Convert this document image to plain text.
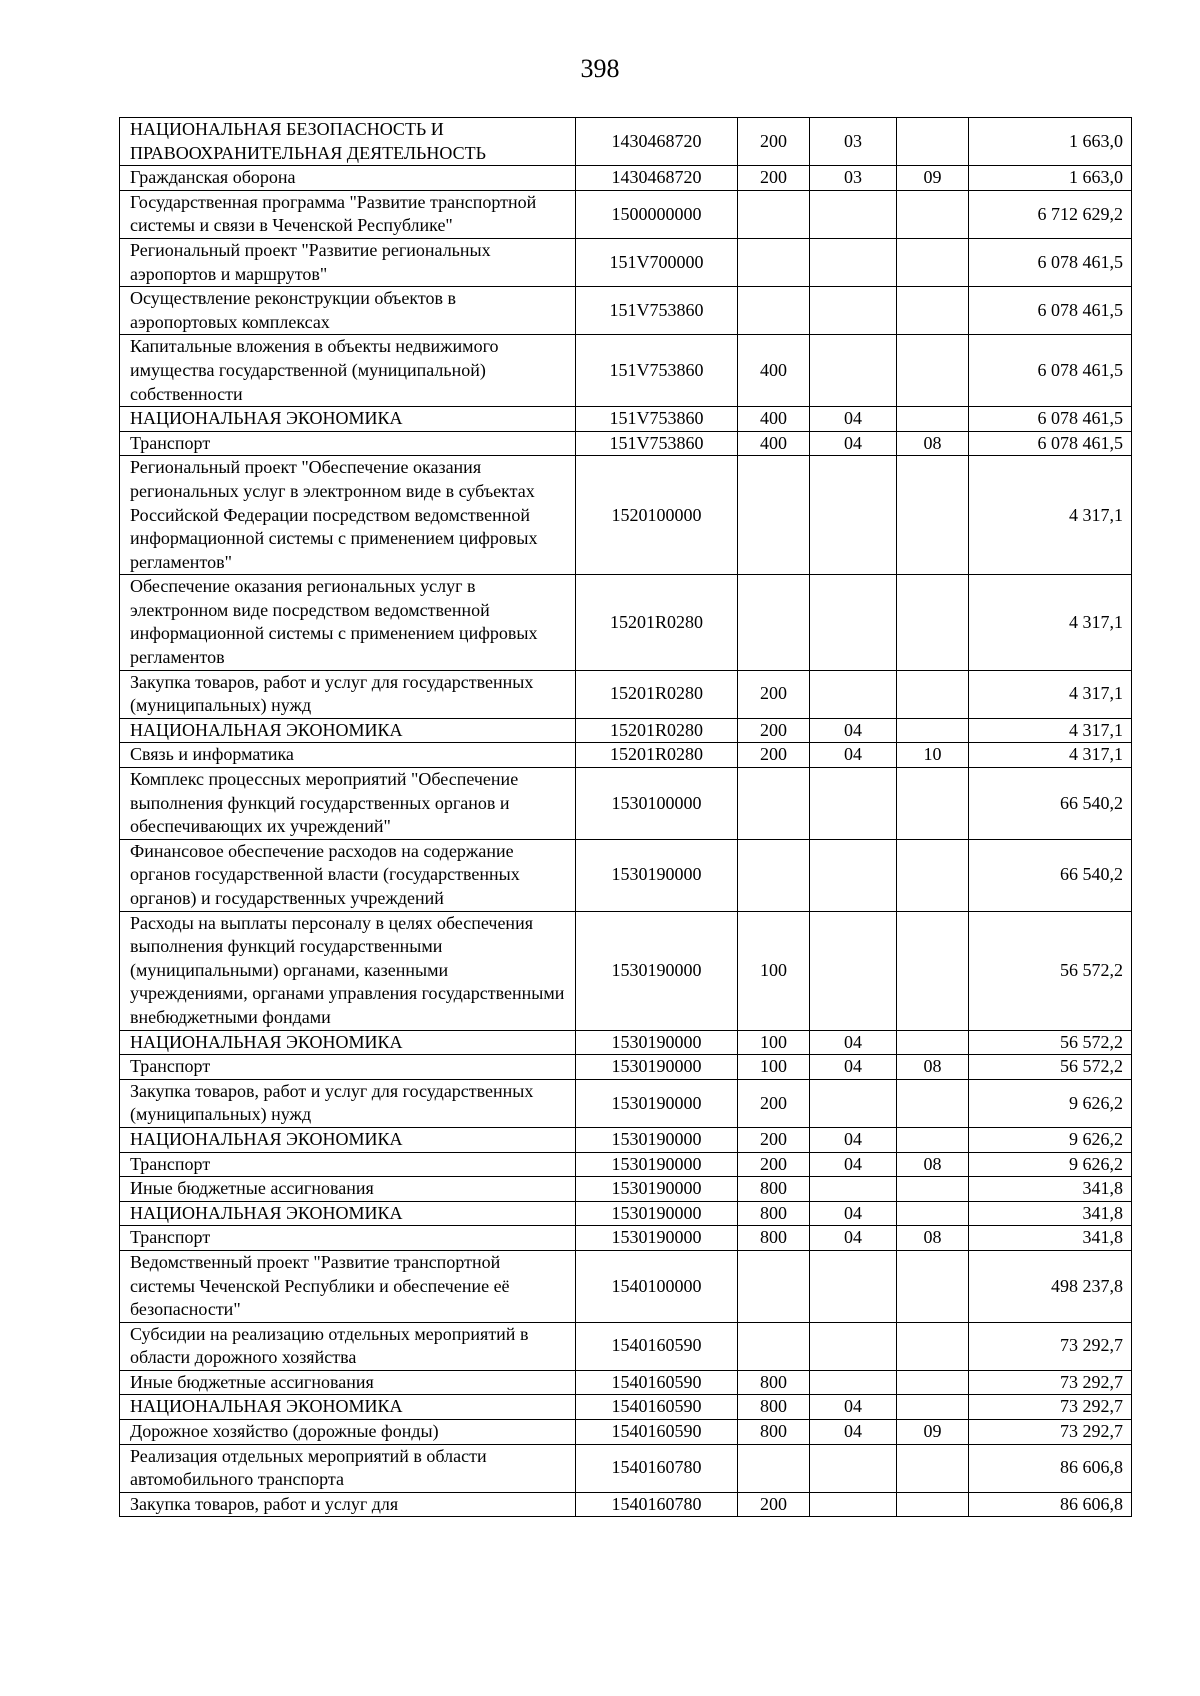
398
НАЦИОНАЛЬНАЯ БЕЗОПАСНОСТЬ И ПРАВООХРАНИТЕЛЬНАЯ ДЕЯТЕЛЬНОСТЬ	1430468720	200	03		1 663,0
Гражданская оборона	1430468720	200	03	09	1 663,0
Государственная программа "Развитие транспортной системы и связи в Чеченской Республике"	1500000000				6 712 629,2
Региональный проект "Развитие региональных аэропортов и маршрутов"	151V700000				6 078 461,5
Осуществление реконструкции объектов в аэропортовых комплексах	151V753860				6 078 461,5
Капитальные вложения в объекты недвижимого имущества государственной (муниципальной) собственности	151V753860	400			6 078 461,5
НАЦИОНАЛЬНАЯ ЭКОНОМИКА	151V753860	400	04		6 078 461,5
Транспорт	151V753860	400	04	08	6 078 461,5
Региональный проект "Обеспечение оказания региональных услуг в электронном виде в субъектах Российской Федерации посредством ведомственной информационной системы с применением цифровых регламентов"	1520100000				4 317,1
Обеспечение оказания региональных услуг в электронном виде посредством ведомственной информационной системы с применением цифровых регламентов	15201R0280				4 317,1
Закупка товаров, работ и услуг для государственных (муниципальных) нужд	15201R0280	200			4 317,1
НАЦИОНАЛЬНАЯ ЭКОНОМИКА	15201R0280	200	04		4 317,1
Связь и информатика	15201R0280	200	04	10	4 317,1
Комплекс процессных мероприятий "Обеспечение выполнения функций государственных органов и обеспечивающих их учреждений"	1530100000				66 540,2
Финансовое обеспечение расходов на содержание органов государственной власти (государственных органов) и государственных учреждений	1530190000				66 540,2
Расходы на выплаты персоналу в целях обеспечения выполнения функций государственными (муниципальными) органами, казенными учреждениями, органами управления государственными внебюджетными фондами	1530190000	100			56 572,2
НАЦИОНАЛЬНАЯ ЭКОНОМИКА	1530190000	100	04		56 572,2
Транспорт	1530190000	100	04	08	56 572,2
Закупка товаров, работ и услуг для государственных (муниципальных) нужд	1530190000	200			9 626,2
НАЦИОНАЛЬНАЯ ЭКОНОМИКА	1530190000	200	04		9 626,2
Транспорт	1530190000	200	04	08	9 626,2
Иные бюджетные ассигнования	1530190000	800			341,8
НАЦИОНАЛЬНАЯ ЭКОНОМИКА	1530190000	800	04		341,8
Транспорт	1530190000	800	04	08	341,8
Ведомственный проект "Развитие транспортной системы Чеченской Республики и обеспечение её безопасности"	1540100000				498 237,8
Субсидии на реализацию отдельных мероприятий в области дорожного хозяйства	1540160590				73 292,7
Иные бюджетные ассигнования	1540160590	800			73 292,7
НАЦИОНАЛЬНАЯ ЭКОНОМИКА	1540160590	800	04		73 292,7
Дорожное хозяйство (дорожные фонды)	1540160590	800	04	09	73 292,7
Реализация отдельных мероприятий в области автомобильного транспорта	1540160780				86 606,8
Закупка товаров, работ и услуг для	1540160780	200			86 606,8
